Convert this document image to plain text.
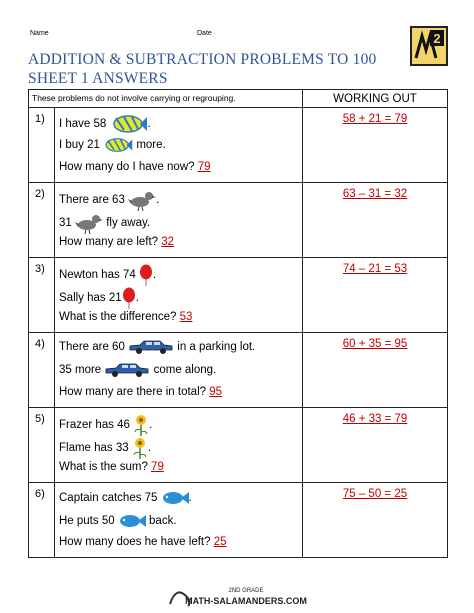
Name	Date
ADDITION & SUBTRACTION PROBLEMS TO 100
SHEET 1 ANSWERS
2
These problems do not involve carrying or regrouping.		WORKING OUT
1)	I have 58 .
I buy 21 more.
How many do I have now? 79	58 + 21 = 79
2)	There are 63 .
31 fly away.
How many are left? 32	63 – 31 = 32
3)	Newton has 74 .
Sally has 21 .
What is the difference? 53	74 – 21 = 53
4)	There are 60 in a parking lot.
35 more come along.
How many are there in total? 95	60 + 35 = 95
5)	Frazer has 46 .
Flame has 33 .
What is the sum? 79	46 + 33 = 79
6)	Captain catches 75 .
He puts 50 back.
How many does he have left? 25	75 – 50 = 25
2ND GRADE
MATH-SALAMANDERS.COM
